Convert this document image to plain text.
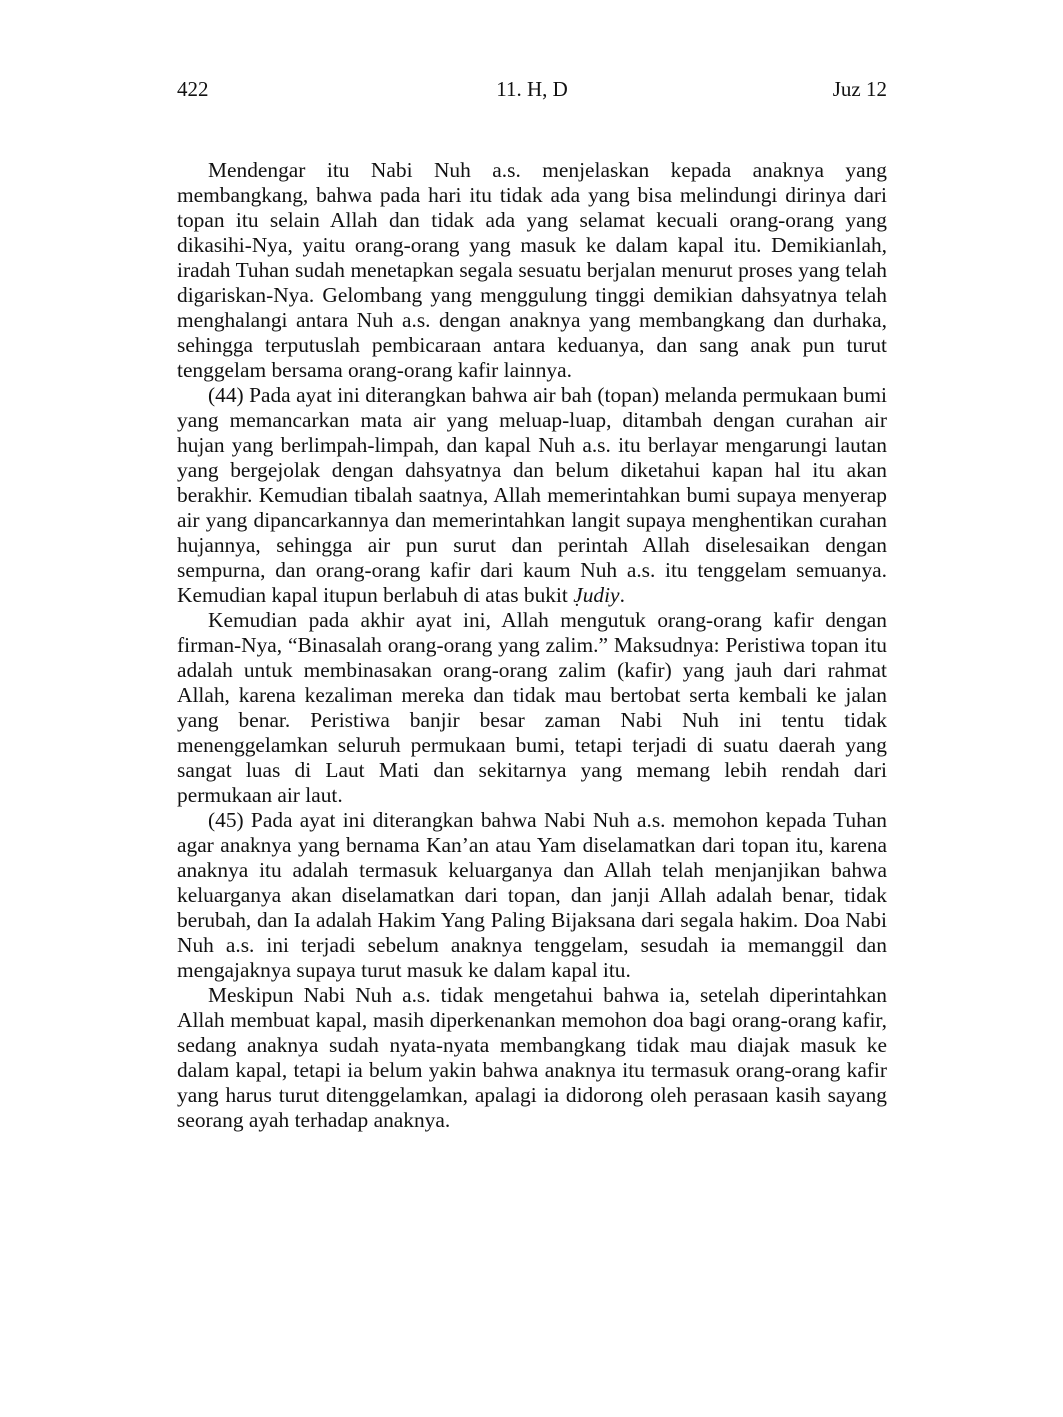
422	11. H, D	Juz 12

Mendengar itu Nabi Nuh a.s. menjelaskan kepada anaknya yang membangkang, bahwa pada hari itu tidak ada yang bisa melindungi dirinya dari topan itu selain Allah dan tidak ada yang selamat kecuali orang-orang yang dikasihi-Nya, yaitu orang-orang yang masuk ke dalam kapal itu. Demikianlah, iradah Tuhan sudah menetapkan segala sesuatu berjalan menurut proses yang telah digariskan-Nya. Gelombang yang menggulung tinggi demikian dahsyatnya telah menghalangi antara Nuh a.s. dengan anaknya yang membangkang dan durhaka, sehingga terputuslah pembicaraan antara keduanya, dan sang anak pun turut tenggelam bersama orang-orang kafir lainnya.

(44) Pada ayat ini diterangkan bahwa air bah (topan) melanda permukaan bumi yang memancarkan mata air yang meluap-luap, ditambah dengan curahan air hujan yang berlimpah-limpah, dan kapal Nuh a.s. itu berlayar mengarungi lautan yang bergejolak dengan dahsyatnya dan belum diketahui kapan hal itu akan berakhir. Kemudian tibalah saatnya, Allah memerintahkan bumi supaya menyerap air yang dipancarkannya dan memerintahkan langit supaya menghentikan curahan hujannya, sehingga air pun surut dan perintah Allah diselesaikan dengan sempurna, dan orang-orang kafir dari kaum Nuh a.s. itu tenggelam semuanya. Kemudian kapal itupun berlabuh di atas bukit J̣udiy.

Kemudian pada akhir ayat ini, Allah mengutuk orang-orang kafir dengan firman-Nya, “Binasalah orang-orang yang zalim.” Maksudnya: Peristiwa topan itu adalah untuk membinasakan orang-orang zalim (kafir) yang jauh dari rahmat Allah, karena kezaliman mereka dan tidak mau bertobat serta kembali ke jalan yang benar. Peristiwa banjir besar zaman Nabi Nuh ini tentu tidak menenggelamkan seluruh permukaan bumi, tetapi terjadi di suatu daerah yang sangat luas di Laut Mati dan sekitarnya yang memang lebih rendah dari permukaan air laut.

(45) Pada ayat ini diterangkan bahwa Nabi Nuh a.s. memohon kepada Tuhan agar anaknya yang bernama Kan’an atau Yam diselamatkan dari topan itu, karena anaknya itu adalah termasuk keluarganya dan Allah telah menjanjikan bahwa keluarganya akan diselamatkan dari topan, dan janji Allah adalah benar, tidak berubah, dan Ia adalah Hakim Yang Paling Bijaksana dari segala hakim. Doa Nabi Nuh a.s. ini terjadi sebelum anaknya tenggelam, sesudah ia memanggil dan mengajaknya supaya turut masuk ke dalam kapal itu.

Meskipun Nabi Nuh a.s. tidak mengetahui bahwa ia, setelah diperintahkan Allah membuat kapal, masih diperkenankan memohon doa bagi orang-orang kafir, sedang anaknya sudah nyata-nyata membangkang tidak mau diajak masuk ke dalam kapal, tetapi ia belum yakin bahwa anaknya itu termasuk orang-orang kafir yang harus turut ditenggelamkan, apalagi ia didorong oleh perasaan kasih sayang seorang ayah terhadap anaknya.
